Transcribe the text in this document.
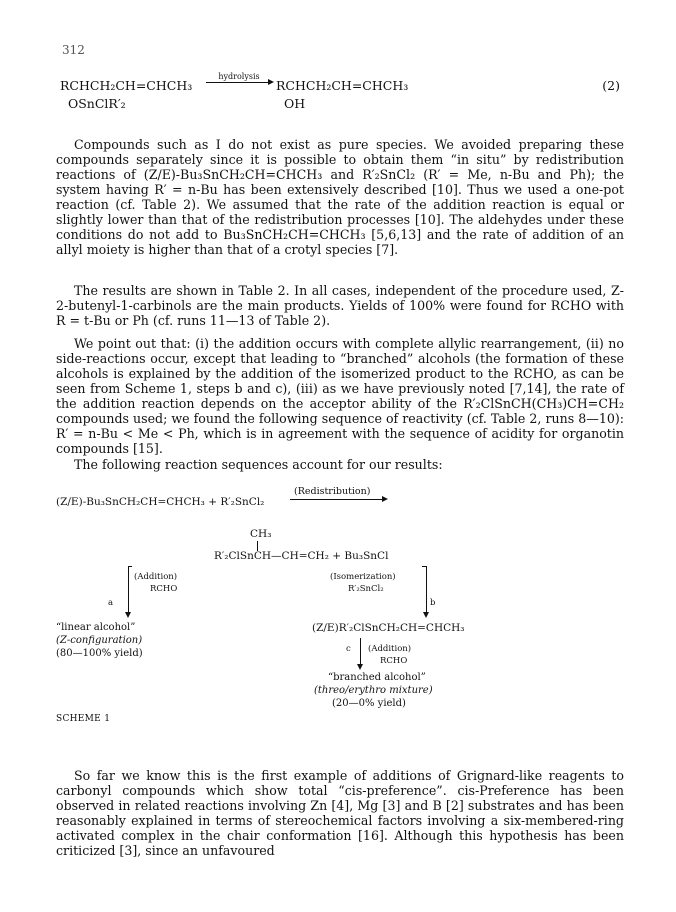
312
RCHCH₂CH=CHCH₃
OSnClR′₂
hydrolysis
RCHCH₂CH=CHCH₃
OH
(2)

Compounds such as I do not exist as pure species. We avoided preparing these compounds separately since it is possible to obtain them “in situ” by redistribution reactions of (Z/E)-Bu₃SnCH₂CH=CHCH₃ and R′₂SnCl₂ (R′ = Me, n-Bu and Ph); the system having R′ = n-Bu has been extensively described [10]. Thus we used a one-pot reaction (cf. Table 2). We assumed that the rate of the addition reaction is equal or slightly lower than that of the redistribution processes [10]. The aldehydes under these conditions do not add to Bu₃SnCH₂CH=CHCH₃ [5,6,13] and the rate of addition of an allyl moiety is higher than that of a crotyl species [7].

The results are shown in Table 2. In all cases, independent of the procedure used, Z-2-butenyl-1-carbinols are the main products. Yields of 100% were found for RCHO with R = t-Bu or Ph (cf. runs 11—13 of Table 2).

We point out that: (i) the addition occurs with complete allylic rearrangement, (ii) no side-reactions occur, except that leading to “branched” alcohols (the formation of these alcohols is explained by the addition of the isomerized product to the RCHO, as can be seen from Scheme 1, steps b and c), (iii) as we have previously noted [7,14], the rate of the addition reaction depends on the acceptor ability of the R′₂ClSnCH(CH₃)CH=CH₂ compounds used; we found the following sequence of reactivity (cf. Table 2, runs 8—10): R′ = n-Bu < Me < Ph, which is in agreement with the sequence of acidity for organotin compounds [15].

The following reaction sequences account for our results:

(Z/E)-Bu₃SnCH₂CH=CHCH₃ + R′₂SnCl₂
(Redistribution)
CH₃
R′₂ClSnCH—CH=CH₂ + Bu₃SnCl
(Addition)
RCHO
a
(Isomerization)
R′₂SnCl₂
b
“linear alcohol”
(Z-configuration)
(80—100% yield)
(Z/E)R′₂ClSnCH₂CH=CHCH₃
c (Addition)
RCHO
“branched alcohol”
(threo/erythro mixture)
(20—0% yield)
SCHEME 1

So far we know this is the first example of additions of Grignard-like reagents to carbonyl compounds which show total “cis-preference”. cis-Preference has been observed in related reactions involving Zn [4], Mg [3] and B [2] substrates and has been reasonably explained in terms of stereochemical factors involving a six-membered-ring activated complex in the chair conformation [16]. Although this hypothesis has been criticized [3], since an unfavoured
